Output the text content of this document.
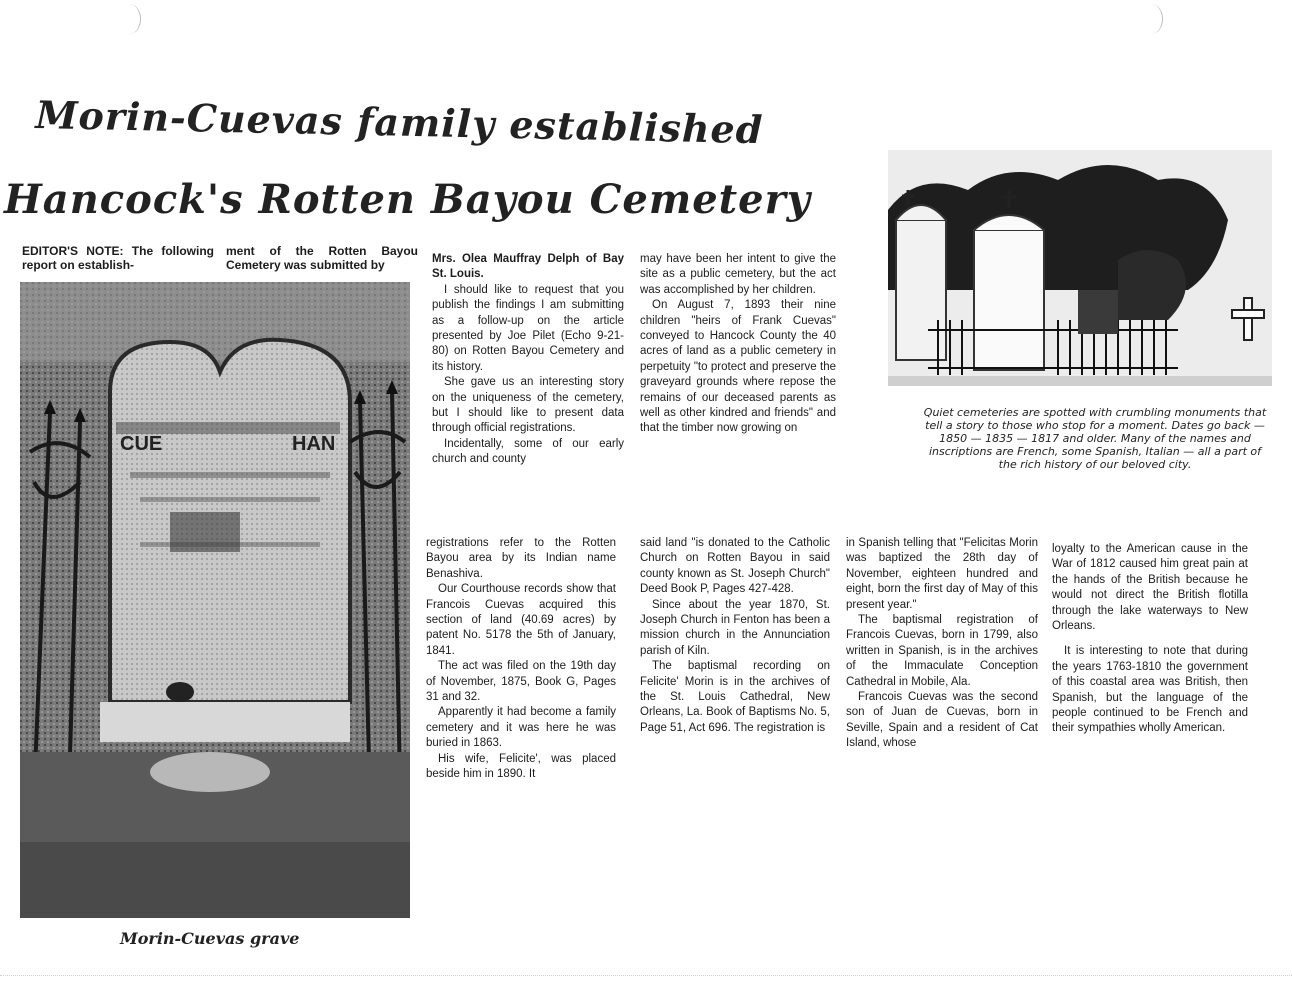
Morin-Cuevas family established
Hancock's Rotten Bayou Cemetery
EDITOR'S NOTE: The following report on establish-
ment of the Rotten Bayou Cemetery was submitted by
CUE	HAN
Morin-Cuevas grave
Quiet cemeteries are spotted with crumbling monuments that tell a story to those who stop for a moment. Dates go back — 1850 — 1835 — 1817 and older. Many of the names and inscriptions are French, some Spanish, Italian — all a part of the rich history of our beloved city.

Mrs. Olea Mauffray Delph of Bay St. Louis.

I should like to request that you publish the findings I am submitting as a follow-up on the article presented by Joe Pilet (Echo 9-21-80) on Rotten Bayou Cemetery and its history.

She gave us an interesting story on the uniqueness of the cemetery, but I should like to present data through official registrations.

Incidentally, some of our early church and county

may have been her intent to give the site as a public cemetery, but the act was accomplished by her children.

On August 7, 1893 their nine children "heirs of Frank Cuevas" conveyed to Hancock County the 40 acres of land as a public cemetery in perpetuity "to protect and preserve the graveyard grounds where repose the remains of our deceased parents as well as other kindred and friends" and that the timber now growing on

registrations refer to the Rotten Bayou area by its Indian name Benashiva.

Our Courthouse records show that Francois Cuevas acquired this section of land (40.69 acres) by patent No. 5178 the 5th of January, 1841.

The act was filed on the 19th day of November, 1875, Book G, Pages 31 and 32.

Apparently it had become a family cemetery and it was here he was buried in 1863.

His wife, Felicite', was placed beside him in 1890. It

said land "is donated to the Catholic Church on Rotten Bayou in said county known as St. Joseph Church" Deed Book P, Pages 427-428.

Since about the year 1870, St. Joseph Church in Fenton has been a mission church in the Annunciation parish of Kiln.

The baptismal recording on Felicite' Morin is in the archives of the St. Louis Cathedral, New Orleans, La. Book of Baptisms No. 5, Page 51, Act 696. The registration is

in Spanish telling that "Felicitas Morin was baptized the 28th day of November, eighteen hundred and eight, born the first day of May of this present year."

The baptismal registration of Francois Cuevas, born in 1799, also written in Spanish, is in the archives of the Immaculate Conception Cathedral in Mobile, Ala.

Francois Cuevas was the second son of Juan de Cuevas, born in Seville, Spain and a resident of Cat Island, whose

loyalty to the American cause in the War of 1812 caused him great pain at the hands of the British because he would not direct the British flotilla through the lake waterways to New Orleans.

It is interesting to note that during the years 1763-1810 the government of this coastal area was British, then Spanish, but the language of the people continued to be French and their sympathies wholly American.
